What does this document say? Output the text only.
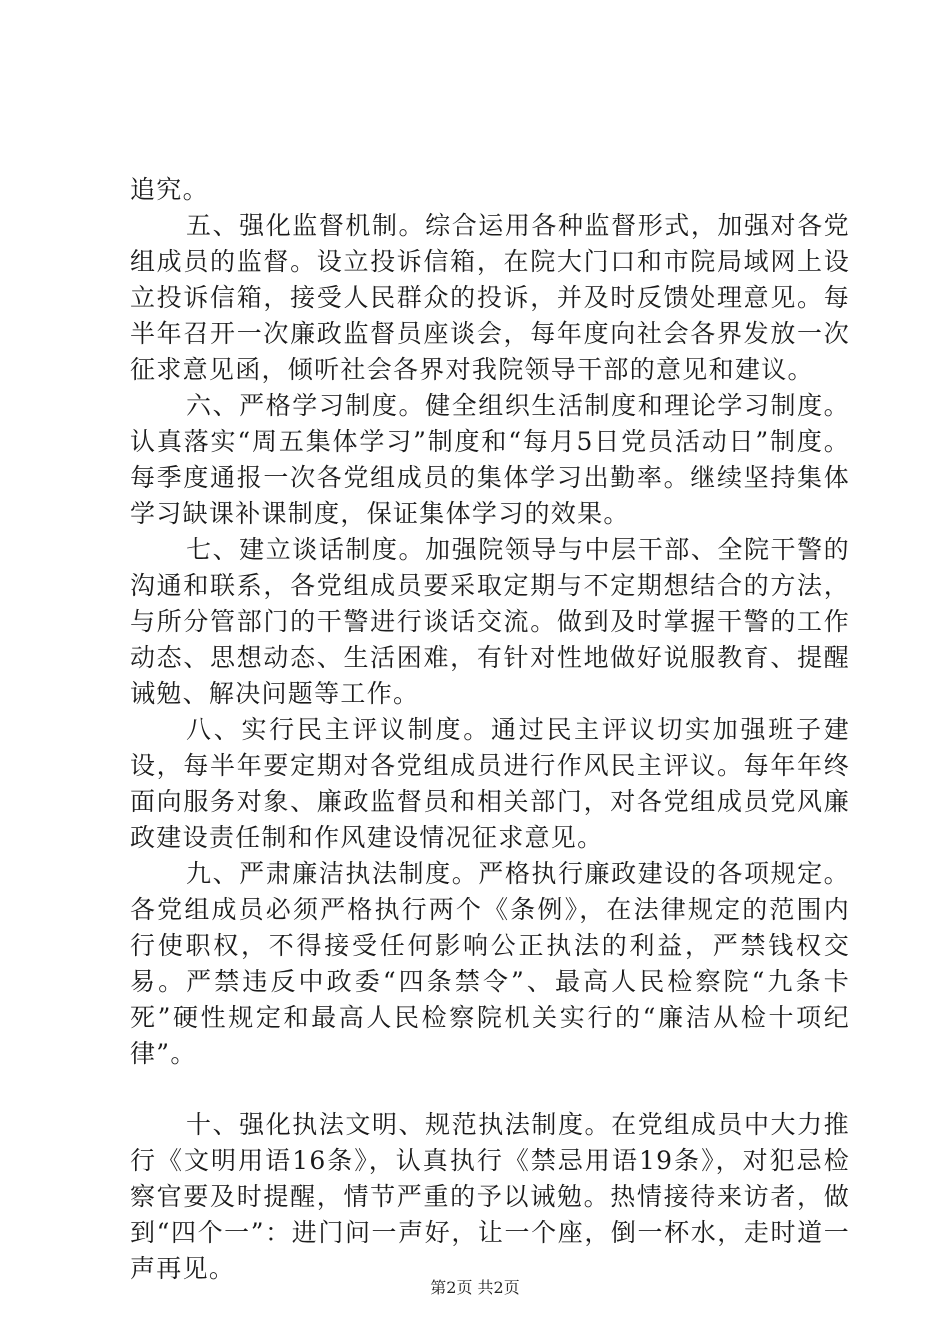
追究。

五、强化监督机制。综合运用各种监督形式，加强对各党组成员的监督。设立投诉信箱，在院大门口和市院局域网上设立投诉信箱，接受人民群众的投诉，并及时反馈处理意见。每半年召开一次廉政监督员座谈会，每年度向社会各界发放一次征求意见函，倾听社会各界对我院领导干部的意见和建议。

六、严格学习制度。健全组织生活制度和理论学习制度。认真落实“周五集体学习”制度和“每月5日党员活动日”制度。每季度通报一次各党组成员的集体学习出勤率。继续坚持集体学习缺课补课制度，保证集体学习的效果。

七、建立谈话制度。加强院领导与中层干部、全院干警的沟通和联系，各党组成员要采取定期与不定期想结合的方法，与所分管部门的干警进行谈话交流。做到及时掌握干警的工作动态、思想动态、生活困难，有针对性地做好说服教育、提醒诫勉、解决问题等工作。

八、实行民主评议制度。通过民主评议切实加强班子建设，每半年要定期对各党组成员进行作风民主评议。每年年终面向服务对象、廉政监督员和相关部门，对各党组成员党风廉政建设责任制和作风建设情况征求意见。

九、严肃廉洁执法制度。严格执行廉政建设的各项规定。各党组成员必须严格执行两个《条例》，在法律规定的范围内行使职权，不得接受任何影响公正执法的利益，严禁钱权交易。严禁违反中政委“四条禁令”、最高人民检察院“九条卡死”硬性规定和最高人民检察院机关实行的“廉洁从检十项纪律”。

十、强化执法文明、规范执法制度。在党组成员中大力推行《文明用语16条》，认真执行《禁忌用语19条》，对犯忌检察官要及时提醒，情节严重的予以诫勉。热情接待来访者，做到“四个一”：进门问一声好，让一个座，倒一杯水，走时道一声再见。

第2页 共2页
